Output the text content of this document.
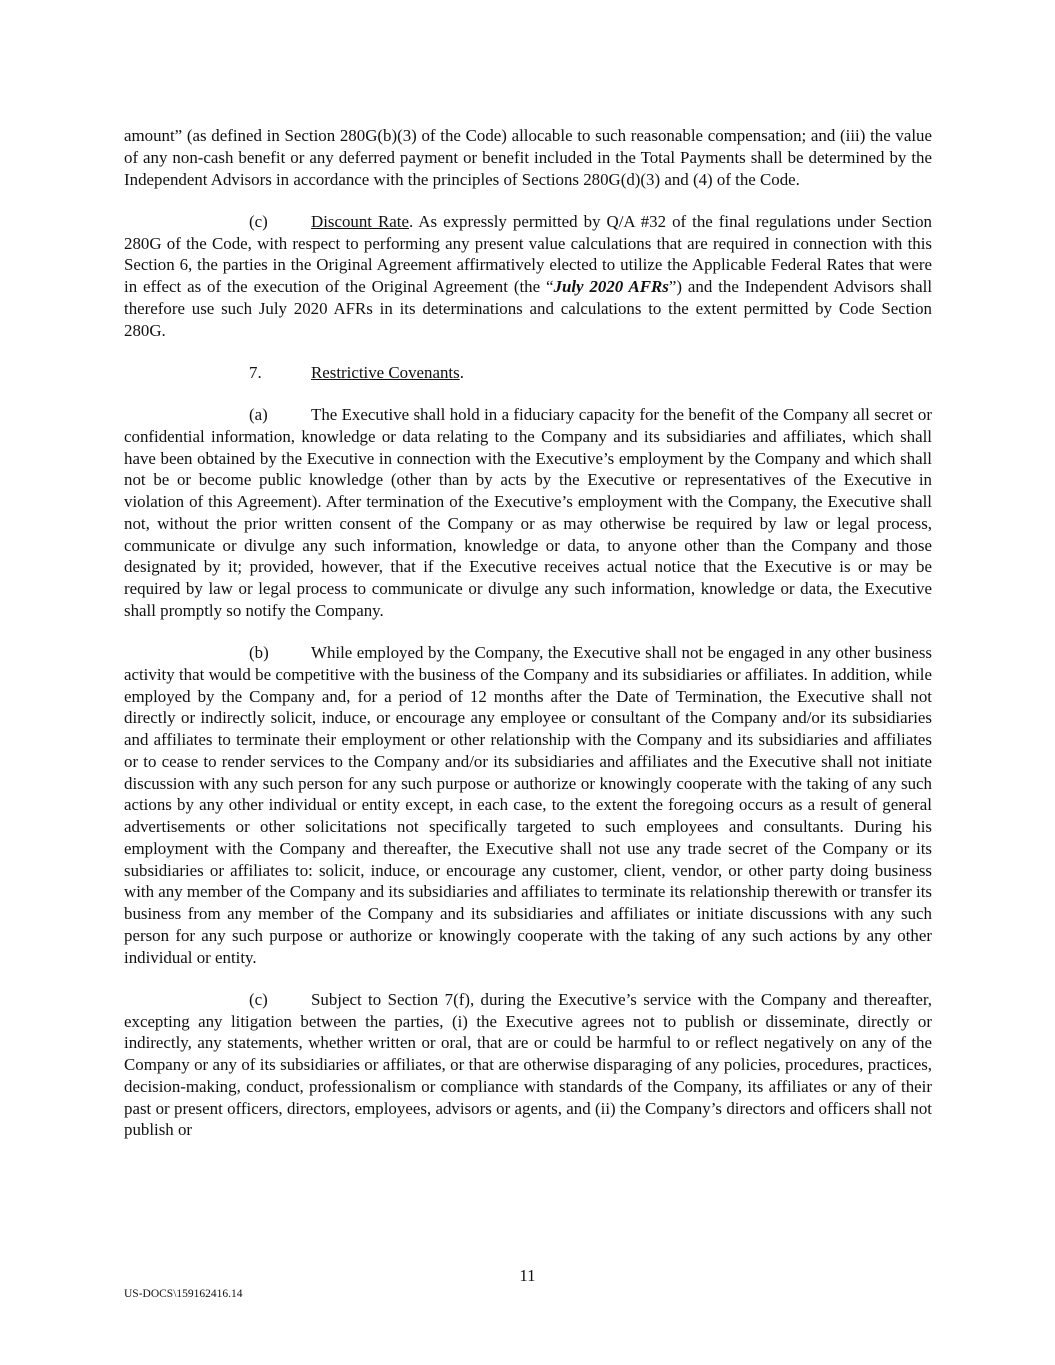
amount” (as defined in Section 280G(b)(3) of the Code) allocable to such reasonable compensation; and (iii) the value of any non-cash benefit or any deferred payment or benefit included in the Total Payments shall be determined by the Independent Advisors in accordance with the principles of Sections 280G(d)(3) and (4) of the Code.

(c)	Discount Rate. As expressly permitted by Q/A #32 of the final regulations under Section 280G of the Code, with respect to performing any present value calculations that are required in connection with this Section 6, the parties in the Original Agreement affirmatively elected to utilize the Applicable Federal Rates that were in effect as of the execution of the Original Agreement (the “July 2020 AFRs”) and the Independent Advisors shall therefore use such July 2020 AFRs in its determinations and calculations to the extent permitted by Code Section 280G.

7.	Restrictive Covenants.

(a)	The Executive shall hold in a fiduciary capacity for the benefit of the Company all secret or confidential information, knowledge or data relating to the Company and its subsidiaries and affiliates, which shall have been obtained by the Executive in connection with the Executive’s employment by the Company and which shall not be or become public knowledge (other than by acts by the Executive or representatives of the Executive in violation of this Agreement). After termination of the Executive’s employment with the Company, the Executive shall not, without the prior written consent of the Company or as may otherwise be required by law or legal process, communicate or divulge any such information, knowledge or data, to anyone other than the Company and those designated by it; provided, however, that if the Executive receives actual notice that the Executive is or may be required by law or legal process to communicate or divulge any such information, knowledge or data, the Executive shall promptly so notify the Company.

(b)	While employed by the Company, the Executive shall not be engaged in any other business activity that would be competitive with the business of the Company and its subsidiaries or affiliates. In addition, while employed by the Company and, for a period of 12 months after the Date of Termination, the Executive shall not directly or indirectly solicit, induce, or encourage any employee or consultant of the Company and/or its subsidiaries and affiliates to terminate their employment or other relationship with the Company and its subsidiaries and affiliates or to cease to render services to the Company and/or its subsidiaries and affiliates and the Executive shall not initiate discussion with any such person for any such purpose or authorize or knowingly cooperate with the taking of any such actions by any other individual or entity except, in each case, to the extent the foregoing occurs as a result of general advertisements or other solicitations not specifically targeted to such employees and consultants. During his employment with the Company and thereafter, the Executive shall not use any trade secret of the Company or its subsidiaries or affiliates to: solicit, induce, or encourage any customer, client, vendor, or other party doing business with any member of the Company and its subsidiaries and affiliates to terminate its relationship therewith or transfer its business from any member of the Company and its subsidiaries and affiliates or initiate discussions with any such person for any such purpose or authorize or knowingly cooperate with the taking of any such actions by any other individual or entity.

(c)	Subject to Section 7(f), during the Executive’s service with the Company and thereafter, excepting any litigation between the parties, (i) the Executive agrees not to publish or disseminate, directly or indirectly, any statements, whether written or oral, that are or could be harmful to or reflect negatively on any of the Company or any of its subsidiaries or affiliates, or that are otherwise disparaging of any policies, procedures, practices, decision-making, conduct, professionalism or compliance with standards of the Company, its affiliates or any of their past or present officers, directors, employees, advisors or agents, and (ii) the Company’s directors and officers shall not publish or

11
US-DOCS\159162416.14
